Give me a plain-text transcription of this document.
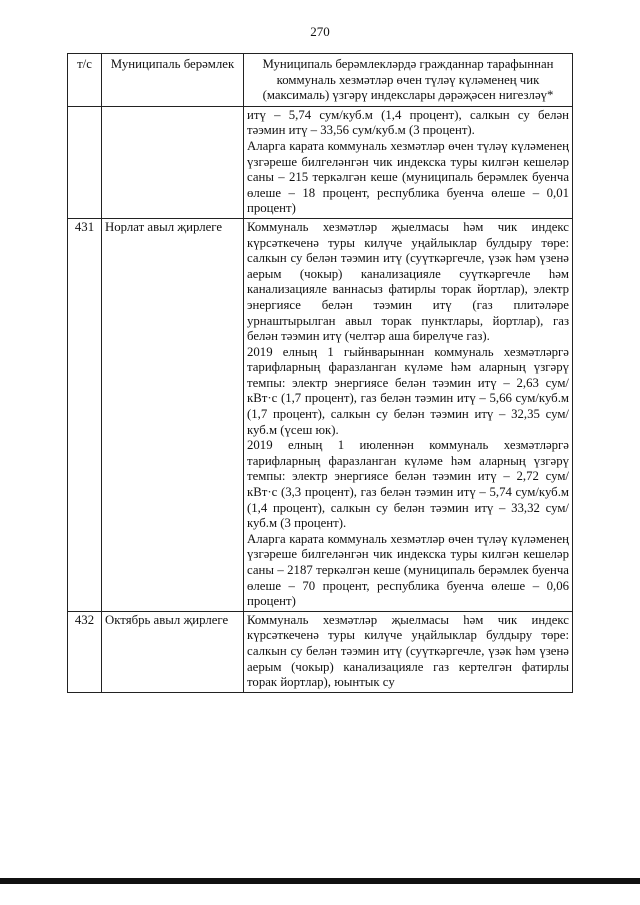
270
т/с	Муниципаль берәмлек	Муниципаль берәмлекләрдә гражданнар тарафыннан коммуналь хезмәтләр өчен түләү күләменең чик (максималь) үзгәрү индекслары дәрәҗәсен нигезләү*

		итү – 5,74 сум/куб.м (1,4 процент), салкын су белән тәэмин итү – 33,56 сум/куб.м (3 процент).

Аларга карата коммуналь хезмәтләр өчен түләү күләменең үзгәреше билгеләнгән чик индекска туры килгән кешеләр саны – 215 теркәлгән кеше (муниципаль берәмлек буенча өлеше – 18 процент, республика буенча өлеше – 0,01 процент)

431	Норлат авыл җирлеге	Коммуналь хезмәтләр җыелмасы һәм чик индекс күрсәткеченә туры килүче уңайлыклар булдыру төре: салкын су белән тәэмин итү (суүткәргечле, үзәк һәм үзенә аерым (чокыр) канализацияле суүткәргечле һәм канализацияле ваннасыз фатирлы торак йортлар), электр энергиясе белән тәэмин итү (газ плитәләре урнаштырылган авыл торак пунктлары, йортлар), газ белән тәэмин итү (челтәр аша бирелүче газ).

2019 елның 1 гыйнварыннан коммуналь хезмәтләргә тарифларның фаразланган күләме һәм аларның үзгәрү темпы: электр энергиясе белән тәэмин итү – 2,63 сум/кВт·с (1,7 процент), газ белән тәэмин итү – 5,66 сум/куб.м (1,7 процент), салкын су белән тәэмин итү – 32,35 сум/куб.м (үсеш юк).

2019 елның 1 июленнән коммуналь хезмәтләргә тарифларның фаразланган күләме һәм аларның үзгәрү темпы: электр энергиясе белән тәэмин итү – 2,72 сум/кВт·с (3,3 процент), газ белән тәэмин итү – 5,74 сум/куб.м (1,4 процент), салкын су белән тәэмин итү – 33,32 сум/куб.м (3 процент).

Аларга карата коммуналь хезмәтләр өчен түләү күләменең үзгәреше билгеләнгән чик индекска туры килгән кешеләр саны – 2187 теркәлгән кеше (муниципаль берәмлек буенча өлеше – 70 процент, республика буенча өлеше – 0,06 процент)

432	Октябрь авыл җирлеге	Коммуналь хезмәтләр җыелмасы һәм чик индекс күрсәткеченә туры килүче уңайлыклар булдыру төре: салкын су белән тәэмин итү (суүткәргечле, үзәк һәм үзенә аерым (чокыр) канализацияле газ кертелгән фатирлы торак йортлар), юынтык су
